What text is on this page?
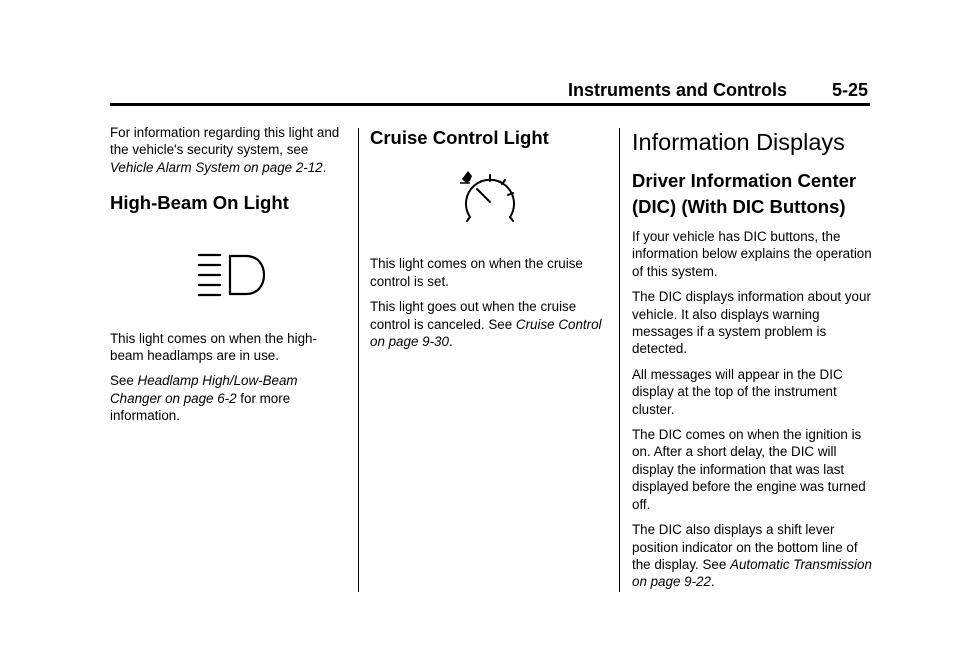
Instruments and Controls 5-25

For information regarding this light and the vehicle's security system, see Vehicle Alarm System on page 2-12.

High-Beam On Light

This light comes on when the high-beam headlamps are in use.

See Headlamp High/Low-Beam Changer on page 6-2 for more information.

Cruise Control Light

This light comes on when the cruise control is set.

This light goes out when the cruise control is canceled. See Cruise Control on page 9-30.

Information Displays
Driver Information Center (DIC) (With DIC Buttons)

If your vehicle has DIC buttons, the information below explains the operation of this system.

The DIC displays information about your vehicle. It also displays warning messages if a system problem is detected.

All messages will appear in the DIC display at the top of the instrument cluster.

The DIC comes on when the ignition is on. After a short delay, the DIC will display the information that was last displayed before the engine was turned off.

The DIC also displays a shift lever position indicator on the bottom line of the display. See Automatic Transmission on page 9-22.
